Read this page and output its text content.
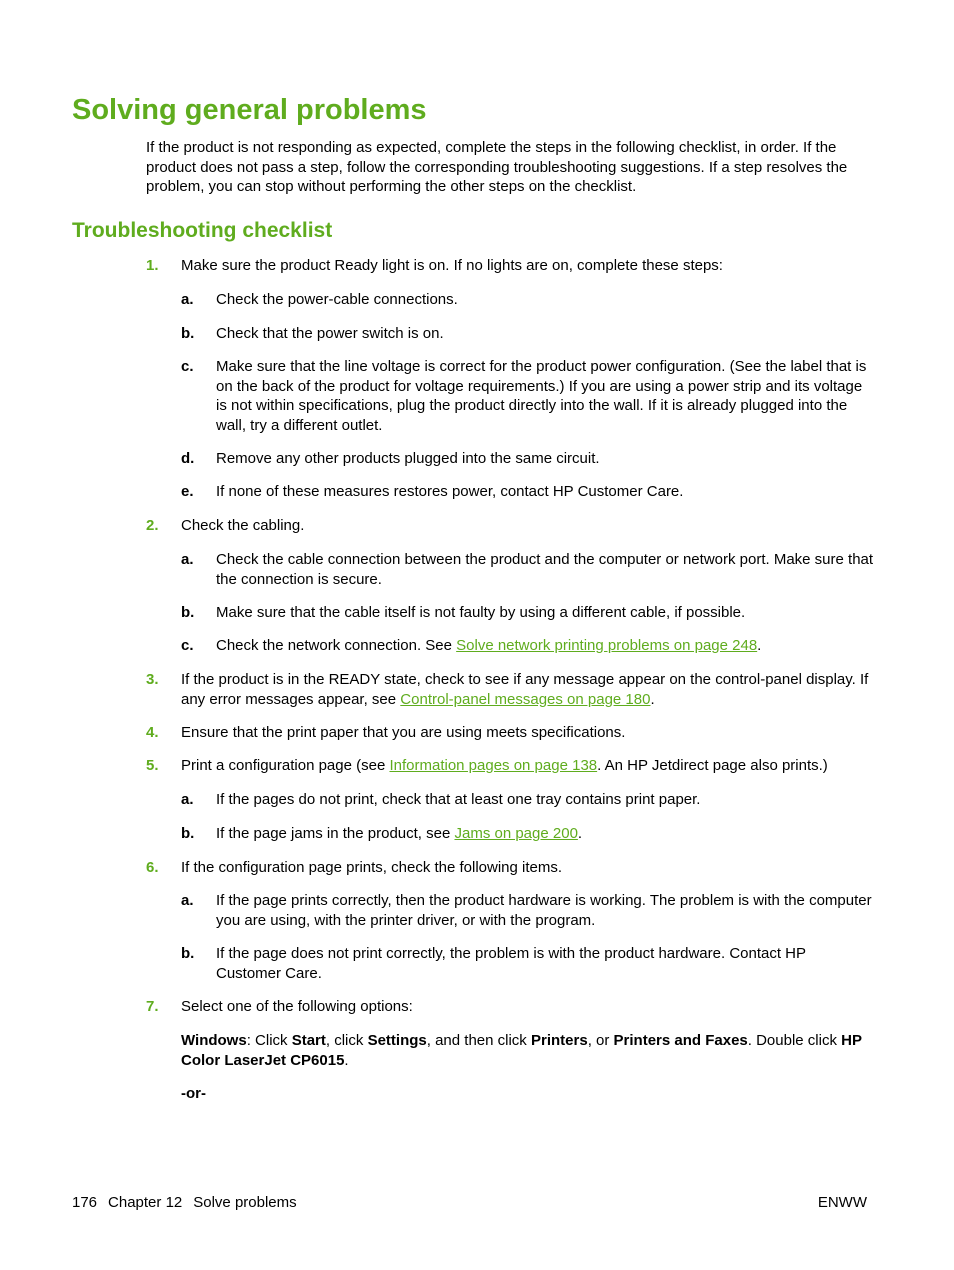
Solving general problems

If the product is not responding as expected, complete the steps in the following checklist, in order. If the product does not pass a step, follow the corresponding troubleshooting suggestions. If a step resolves the problem, you can stop without performing the other steps on the checklist.

Troubleshooting checklist
1. Make sure the product Ready light is on. If no lights are on, complete these steps:

a. Check the power-cable connections.

b. Check that the power switch is on.

c. Make sure that the line voltage is correct for the product power configuration. (See the label that is on the back of the product for voltage requirements.) If you are using a power strip and its voltage is not within specifications, plug the product directly into the wall. If it is already plugged into the wall, try a different outlet.

d. Remove any other products plugged into the same circuit.

e. If none of these measures restores power, contact HP Customer Care.

2. Check the cabling.

a. Check the cable connection between the product and the computer or network port. Make sure that the connection is secure.

b. Make sure that the cable itself is not faulty by using a different cable, if possible.

c. Check the network connection. See Solve network printing problems on page 248.

3. If the product is in the READY state, check to see if any message appear on the control-panel display. If any error messages appear, see Control-panel messages on page 180.

4. Ensure that the print paper that you are using meets specifications.

5. Print a configuration page (see Information pages on page 138. An HP Jetdirect page also prints.)

a. If the pages do not print, check that at least one tray contains print paper.

b. If the page jams in the product, see Jams on page 200.

6. If the configuration page prints, check the following items.

a. If the page prints correctly, then the product hardware is working. The problem is with the computer you are using, with the printer driver, or with the program.

b. If the page does not print correctly, the problem is with the product hardware. Contact HP Customer Care.

7. Select one of the following options:

Windows: Click Start, click Settings, and then click Printers, or Printers and Faxes. Double click HP Color LaserJet CP6015.

-or-

176 Chapter 12 Solve problems	ENWW
